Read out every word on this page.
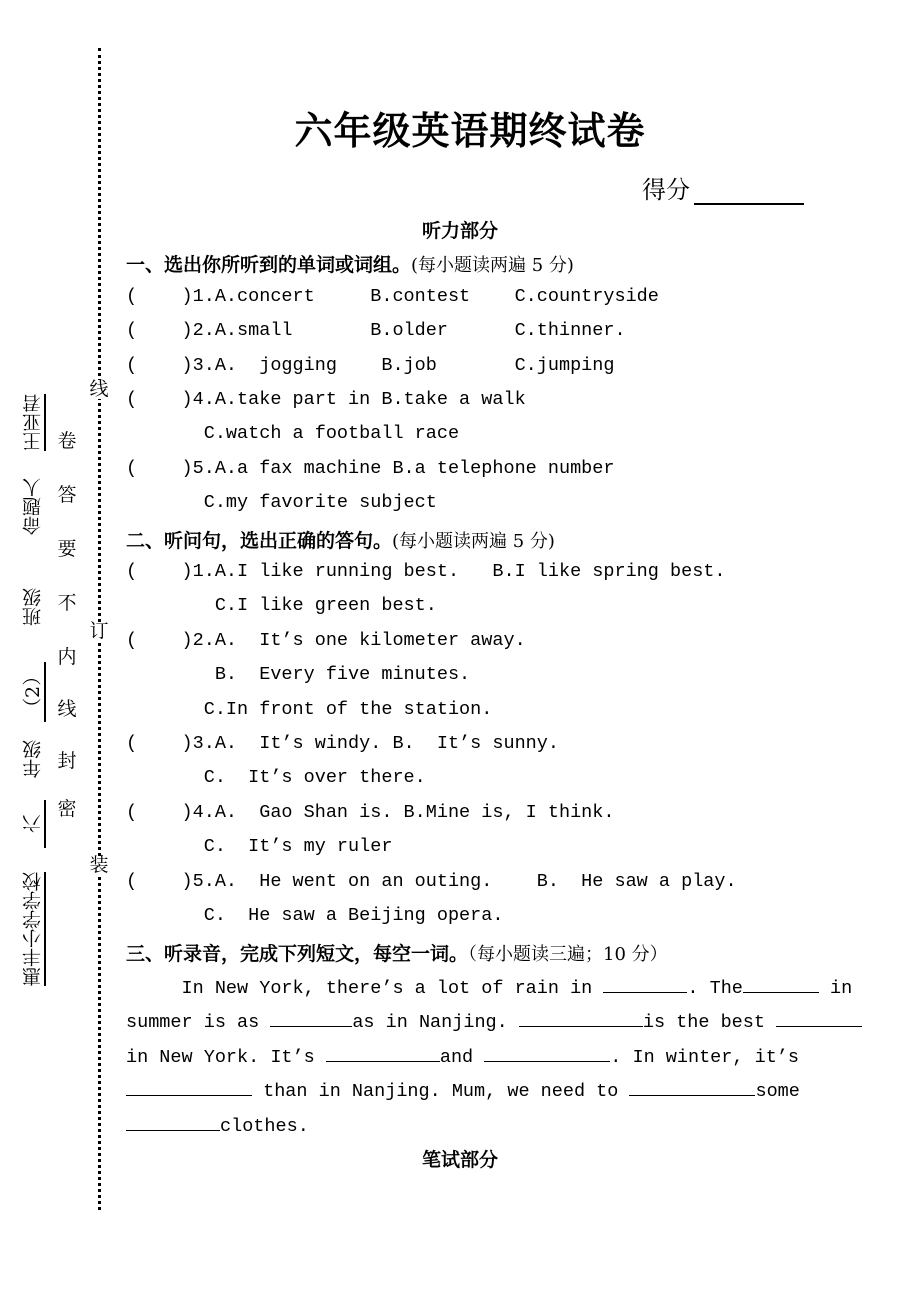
惠丰小学学校
六
年级
（2）
班级
命题人
王亚君
密
封
线
内
不
要
答
卷
装
订
线
六年级英语期终试卷
得分
听力部分
一、选出你所听到的单词或词组。(每小题读两遍 5 分)
(    )1.A.concert     B.contest    C.countryside
(    )2.A.small       B.older      C.thinner.
(    )3.A.  jogging    B.job       C.jumping
(    )4.A.take part in B.take a walk
C.watch a football race
(    )5.A.a fax machine B.a telephone number
C.my favorite subject
二、听问句，选出正确的答句。(每小题读两遍 5 分)
(    )1.A.I like running best.   B.I like spring best.
C.I like green best.
(    )2.A.  It’s one kilometer away.
B.  Every five minutes.
C.In front of the station.
(    )3.A.  It’s windy. B.  It’s sunny.
C.  It’s over there.
(    )4.A.  Gao Shan is. B.Mine is, I think.
C.  It’s my ruler
(    )5.A.  He went on an outing.    B.  He saw a play.
C.  He saw a Beijing opera.
三、听录音，完成下列短文，每空一词。（每小题读三遍；10 分）
In New York, there’s a lot of rain in	. The	in
summer is as	as in Nanjing.	is the best
in New York. It’s	and	. In winter, it’s
than in Nanjing. Mum, we need to	some
clothes.
笔试部分
